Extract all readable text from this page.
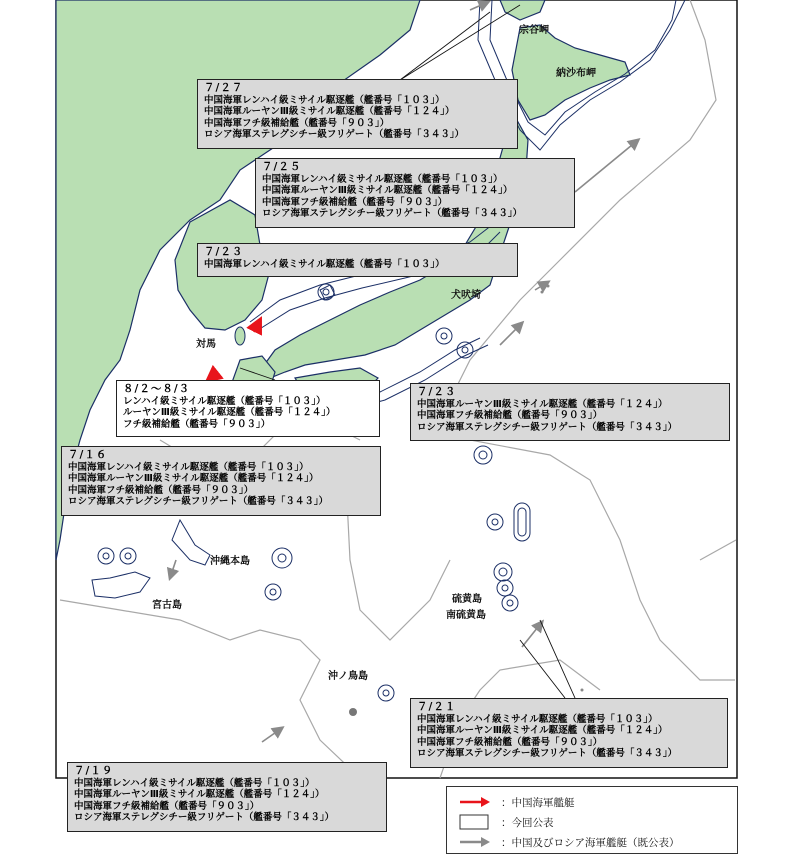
宗谷岬
納沙布岬
犬吠埼
対馬
沖縄本島
宮古島
硫黄島
南硫黄島
沖ノ鳥島
７/２７
中国海軍レンハイ級ミサイル駆逐艦（艦番号「１０３」）
中国海軍ルーヤンⅢ級ミサイル駆逐艦（艦番号「１２４」）
中国海軍フチ級補給艦（艦番号「９０３」）
ロシア海軍ステレグシチー級フリゲート（艦番号「３４３」）
７/２５
中国海軍レンハイ級ミサイル駆逐艦（艦番号「１０３」）
中国海軍ルーヤンⅢ級ミサイル駆逐艦（艦番号「１２４」）
中国海軍フチ級補給艦（艦番号「９０３」）
ロシア海軍ステレグシチー級フリゲート（艦番号「３４３」）
７/２３
中国海軍レンハイ級ミサイル駆逐艦（艦番号「１０３」）
８/２～８/３
レンハイ級ミサイル駆逐艦（艦番号「１０３」）
ルーヤンⅢ級ミサイル駆逐艦（艦番号「１２４」）
フチ級補給艦（艦番号「９０３」）
７/２３
中国海軍ルーヤンⅢ級ミサイル駆逐艦（艦番号「１２４」）
中国海軍フチ級補給艦（艦番号「９０３」）
ロシア海軍ステレグシチー級フリゲート（艦番号「３４３」）
７/１６
中国海軍レンハイ級ミサイル駆逐艦（艦番号「１０３」）
中国海軍ルーヤンⅢ級ミサイル駆逐艦（艦番号「１２４」）
中国海軍フチ級補給艦（艦番号「９０３」）
ロシア海軍ステレグシチー級フリゲート（艦番号「３４３」）
７/２１
中国海軍レンハイ級ミサイル駆逐艦（艦番号「１０３」）
中国海軍ルーヤンⅢ級ミサイル駆逐艦（艦番号「１２４」）
中国海軍フチ級補給艦（艦番号「９０３」）
ロシア海軍ステレグシチー級フリゲート（艦番号「３４３」）
７/１９
中国海軍レンハイ級ミサイル駆逐艦（艦番号「１０３」）
中国海軍ルーヤンⅢ級ミサイル駆逐艦（艦番号「１２４」）
中国海軍フチ級補給艦（艦番号「９０３」）
ロシア海軍ステレグシチー級フリゲート（艦番号「３４３」）
：中国海軍艦艇
：今回公表
：中国及びロシア海軍艦艇（既公表）
